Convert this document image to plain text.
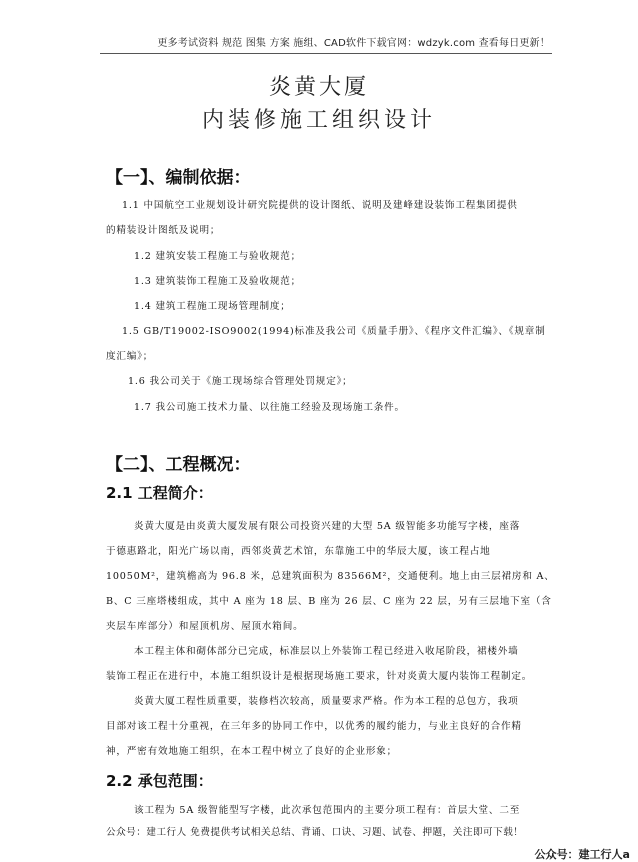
更多考试资料 规范 图集 方案 施组、CAD软件下载官网：wdzyk.com 查看每日更新！
炎黄大厦
内装修施工组织设计
【一】、编制依据：
1.1 中国航空工业规划设计研究院提供的设计图纸、说明及建峰建设装饰工程集团提供
的精装设计图纸及说明；
1.2 建筑安装工程施工与验收规范；
1.3 建筑装饰工程施工及验收规范；
1.4 建筑工程施工现场管理制度；
1.5 GB/T19002-ISO9002(1994)标准及我公司《质量手册》、《程序文件汇编》、《规章制
度汇编》；
1.6 我公司关于《施工现场综合管理处罚规定》；
1.7 我公司施工技术力量、以往施工经验及现场施工条件。
【二】、工程概况：
2.1 工程简介：
炎黄大厦是由炎黄大厦发展有限公司投资兴建的大型 5A 级智能多功能写字楼，座落
于德惠路北，阳光广场以南，西邻炎黄艺术馆，东靠施工中的华辰大厦，该工程占地
10050M²，建筑檐高为 96.8 米，总建筑面积为 83566M²，交通便利。地上由三层裙房和 A、
B、C 三座塔楼组成，其中 A 座为 18 层、B 座为 26 层、C 座为 22 层，另有三层地下室（含
夹层车库部分）和屋顶机房、屋顶水箱间。
本工程主体和砌体部分已完成，标准层以上外装饰工程已经进入收尾阶段，裙楼外墙
装饰工程正在进行中，本施工组织设计是根据现场施工要求，针对炎黄大厦内装饰工程制定。
炎黄大厦工程性质重要，装修档次较高，质量要求严格。作为本工程的总包方，我项
目部对该工程十分重视，在三年多的协同工作中，以优秀的履约能力，与业主良好的合作精
神，严密有效地施工组织，在本工程中树立了良好的企业形象；
2.2 承包范围：
该工程为 5A 级智能型写字楼，此次承包范围内的主要分项工程有：首层大堂、二至
公众号：建工行人 免费提供考试相关总结、背诵、口诀、习题、试卷、押题，关注即可下载！
公众号：建工行人a
